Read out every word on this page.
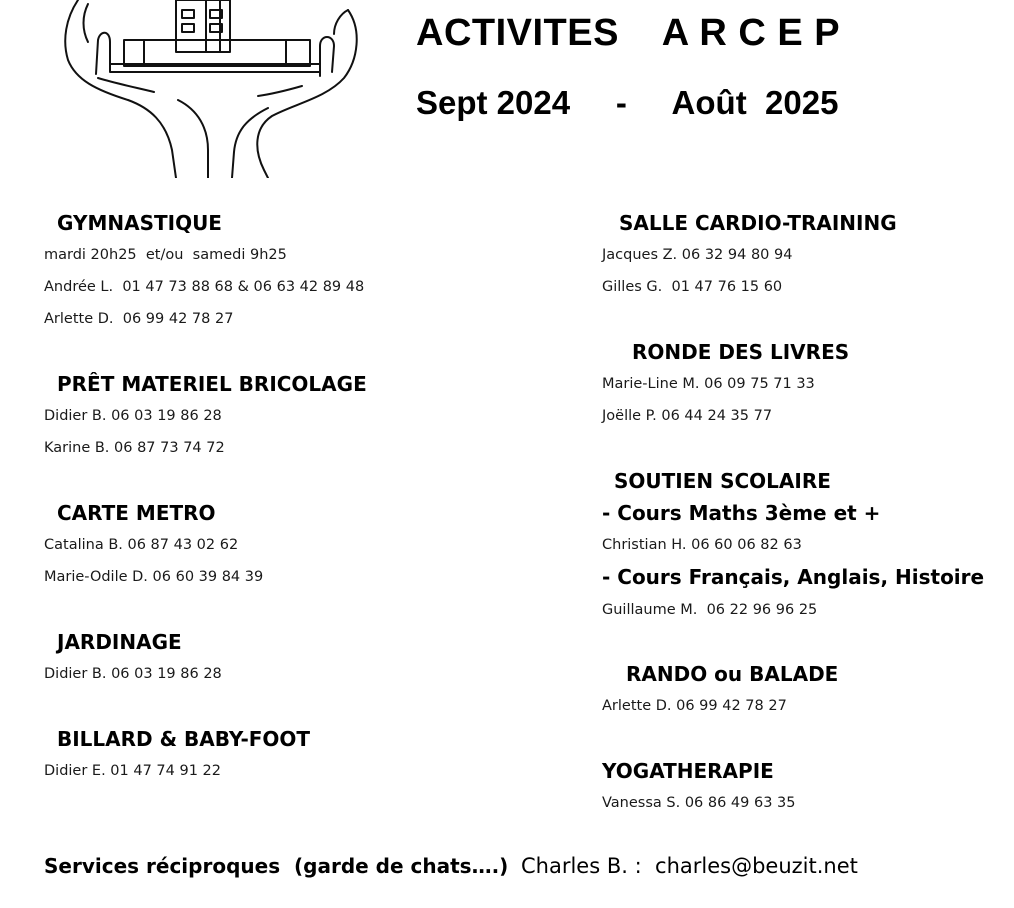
ACTIVITES    A R C E P
Sept 2024     -     Août  2025
GYMNASTIQUE
mardi 20h25  et/ou  samedi 9h25
Andrée L.  01 47 73 88 68 & 06 63 42 89 48
Arlette D.  06 99 42 78 27
PRÊT MATERIEL BRICOLAGE
Didier B. 06 03 19 86 28
Karine B. 06 87 73 74 72
CARTE METRO
Catalina B. 06 87 43 02 62
Marie-Odile D. 06 60 39 84 39
JARDINAGE
Didier B. 06 03 19 86 28
BILLARD & BABY-FOOT
Didier E. 01 47 74 91 22
SALLE CARDIO-TRAINING
Jacques Z. 06 32 94 80 94
Gilles G.  01 47 76 15 60
RONDE DES LIVRES
Marie-Line M. 06 09 75 71 33
Joëlle P. 06 44 24 35 77
SOUTIEN SCOLAIRE
- Cours Maths 3ème et +
Christian H. 06 60 06 82 63
- Cours Français, Anglais, Histoire
Guillaume M.  06 22 96 96 25
RANDO ou BALADE
Arlette D. 06 99 42 78 27
YOGATHERAPIE
Vanessa S. 06 86 49 63 35
Services réciproques  (garde de chats….) Charles B. :  charles@beuzit.net
